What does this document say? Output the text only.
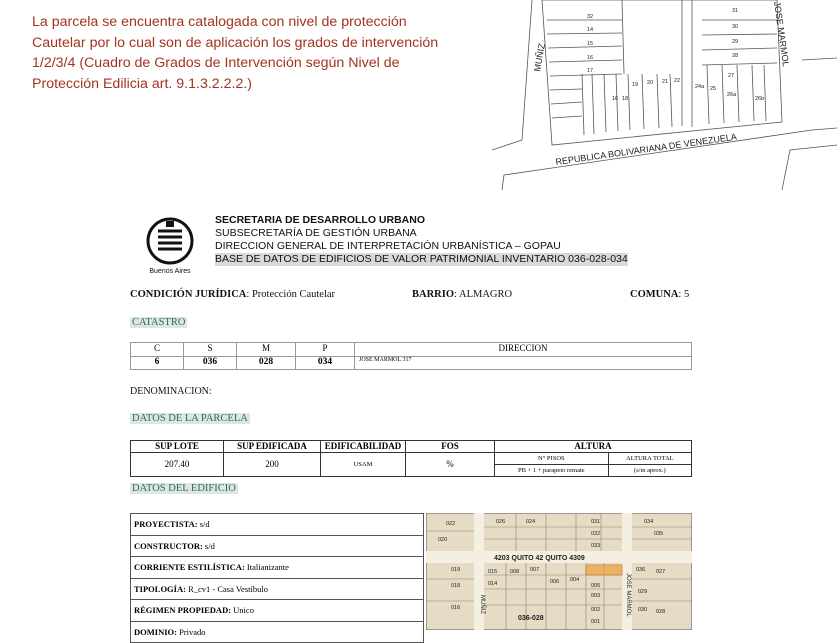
La parcela se encuentra catalogada con nivel de protección
Cautelar por lo cual son de aplicación los grados de intervención
1/2/3/4 (Cuadro de Grados de Intervención según Nivel de
Protección Edilicia art. 9.1.3.2.2.2.)
32
31
14	30
15	29
16	28
17
16
27
19 20 21 22
24a 25
26a
26b
18
MUÑIZ	JOSE MARMOL
REPUBLICA BOLIVARIANA DE VENEZUELA
Buenos Aires
SECRETARIA DE DESARROLLO URBANO
SUBSECRETARÍA DE GESTIÓN URBANA
DIRECCION GENERAL DE INTERPRETACIÓN URBANÍSTICA – GOPAU
BASE DE DATOS DE EDIFICIOS DE VALOR PATRIMONIAL INVENTARIO 036-028-034
CONDICIÓN JURÍDICA: Protección Cautelar	BARRIO: ALMAGRO	COMUNA: 5
CATASTRO
C	S	M	P	DIRECCION
6	036	028	034	JOSE MARMOL 317
DENOMINACION:
DATOS DE LA PARCELA
SUP LOTE	SUP EDIFICADA	EDIFICABILIDAD	FOS	ALTURA	
207.40	200	USAM	%	N° PISOS	ALTURA TOTAL
				PB + 1 + parapeto remate	(s/m aprox.)
DATOS DEL EDIFICIO
PROYECTISTA: s/d
CONSTRUCTOR: s/d
CORRIENTE ESTILÍSTICA: Italianizante
TIPOLOGÍA: R_cv1 - Casa Vestíbulo
RÉGIMEN PROPIEDAD: Unico
DOMINIO: Privado
022
020
026	024	031
032
033
034
035
036 027
019
018
016
015
014
008 007
006 004
005
003
002
001
029
030 028
4203 QUITO 42 QUITO 4309
036-028
MUÑIZ	JOSE MARMOL
